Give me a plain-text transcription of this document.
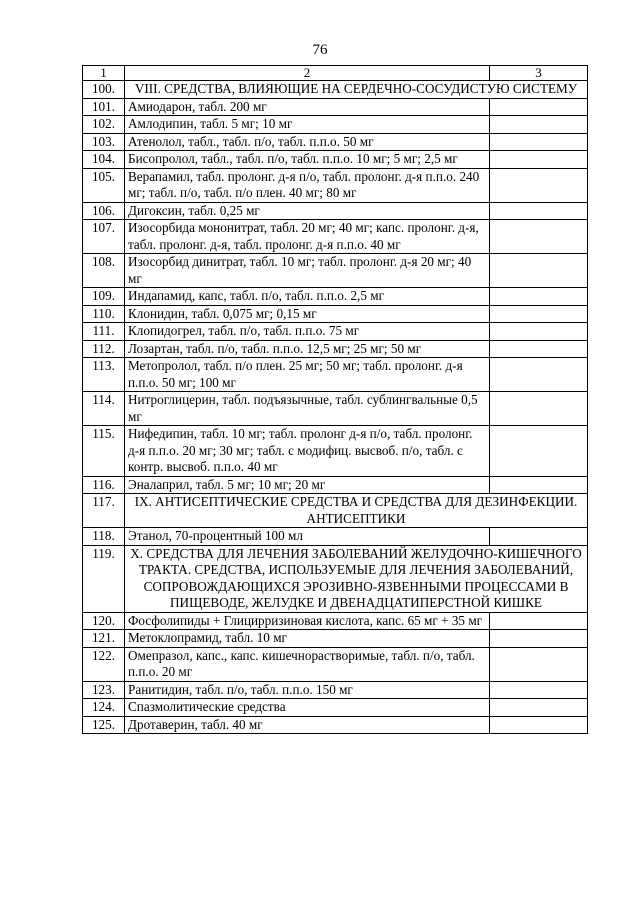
76
1	2	3
100.	VIII. СРЕДСТВА, ВЛИЯЮЩИЕ НА СЕРДЕЧНО-СОСУДИСТУЮ СИСТЕМУ	
101.	Амиодарон, табл. 200 мг	
102.	Амлодипин, табл. 5 мг; 10 мг	
103.	Атенолол, табл., табл. п/о, табл. п.п.о. 50 мг	
104.	Бисопролол, табл., табл. п/о, табл. п.п.о. 10 мг; 5 мг; 2,5 мг	
105.	Верапамил, табл. пролонг. д-я п/о, табл. пролонг. д-я п.п.о. 240 мг; табл. п/о, табл. п/о плен. 40 мг; 80 мг	
106.	Дигоксин, табл. 0,25 мг	
107.	Изосорбида мононитрат, табл. 20 мг; 40 мг; капс. пролонг. д-я, табл. пролонг. д-я, табл. пролонг. д-я п.п.о. 40 мг	
108.	Изосорбид динитрат, табл. 10 мг; табл. пролонг. д-я 20 мг; 40 мг	
109.	Индапамид, капс, табл. п/о, табл. п.п.о. 2,5 мг	
110.	Клонидин, табл. 0,075 мг; 0,15 мг	
111.	Клопидогрел, табл. п/о, табл. п.п.о. 75 мг	
112.	Лозартан, табл. п/о, табл. п.п.о. 12,5 мг; 25 мг; 50 мг	
113.	Метопролол, табл. п/о плен. 25 мг; 50 мг; табл. пролонг. д-я п.п.о. 50 мг; 100 мг	
114.	Нитроглицерин, табл. подъязычные, табл. сублингвальные 0,5 мг	
115.	Нифедипин, табл. 10 мг; табл. пролонг д-я п/о, табл. пролонг. д-я п.п.о. 20 мг; 30 мг; табл. с модифиц. высвоб. п/о, табл. с контр. высвоб. п.п.о. 40 мг	
116.	Эналаприл, табл. 5 мг; 10 мг; 20 мг	
117.	IX. АНТИСЕПТИЧЕСКИЕ СРЕДСТВА И СРЕДСТВА ДЛЯ ДЕЗИНФЕКЦИИ. АНТИСЕПТИКИ	
118.	Этанол, 70-процентный 100 мл	
119.	X. СРЕДСТВА ДЛЯ ЛЕЧЕНИЯ ЗАБОЛЕВАНИЙ ЖЕЛУДОЧНО-КИШЕЧНОГО ТРАКТА. СРЕДСТВА, ИСПОЛЬЗУЕМЫЕ ДЛЯ ЛЕЧЕНИЯ ЗАБОЛЕВАНИЙ, СОПРОВОЖДАЮЩИХСЯ ЭРОЗИВНО-ЯЗВЕННЫМИ ПРОЦЕССАМИ В ПИЩЕВОДЕ, ЖЕЛУДКЕ И ДВЕНАДЦАТИПЕРСТНОЙ КИШКЕ	
120.	Фосфолипиды + Глицирризиновая кислота, капс. 65 мг + 35 мг	
121.	Метоклопрамид, табл. 10 мг	
122.	Омепразол, капс., капс. кишечнорастворимые, табл. п/о, табл. п.п.о. 20 мг	
123.	Ранитидин, табл. п/о, табл. п.п.о. 150 мг	
124.	Спазмолитические средства	
125.	Дротаверин, табл. 40 мг	
